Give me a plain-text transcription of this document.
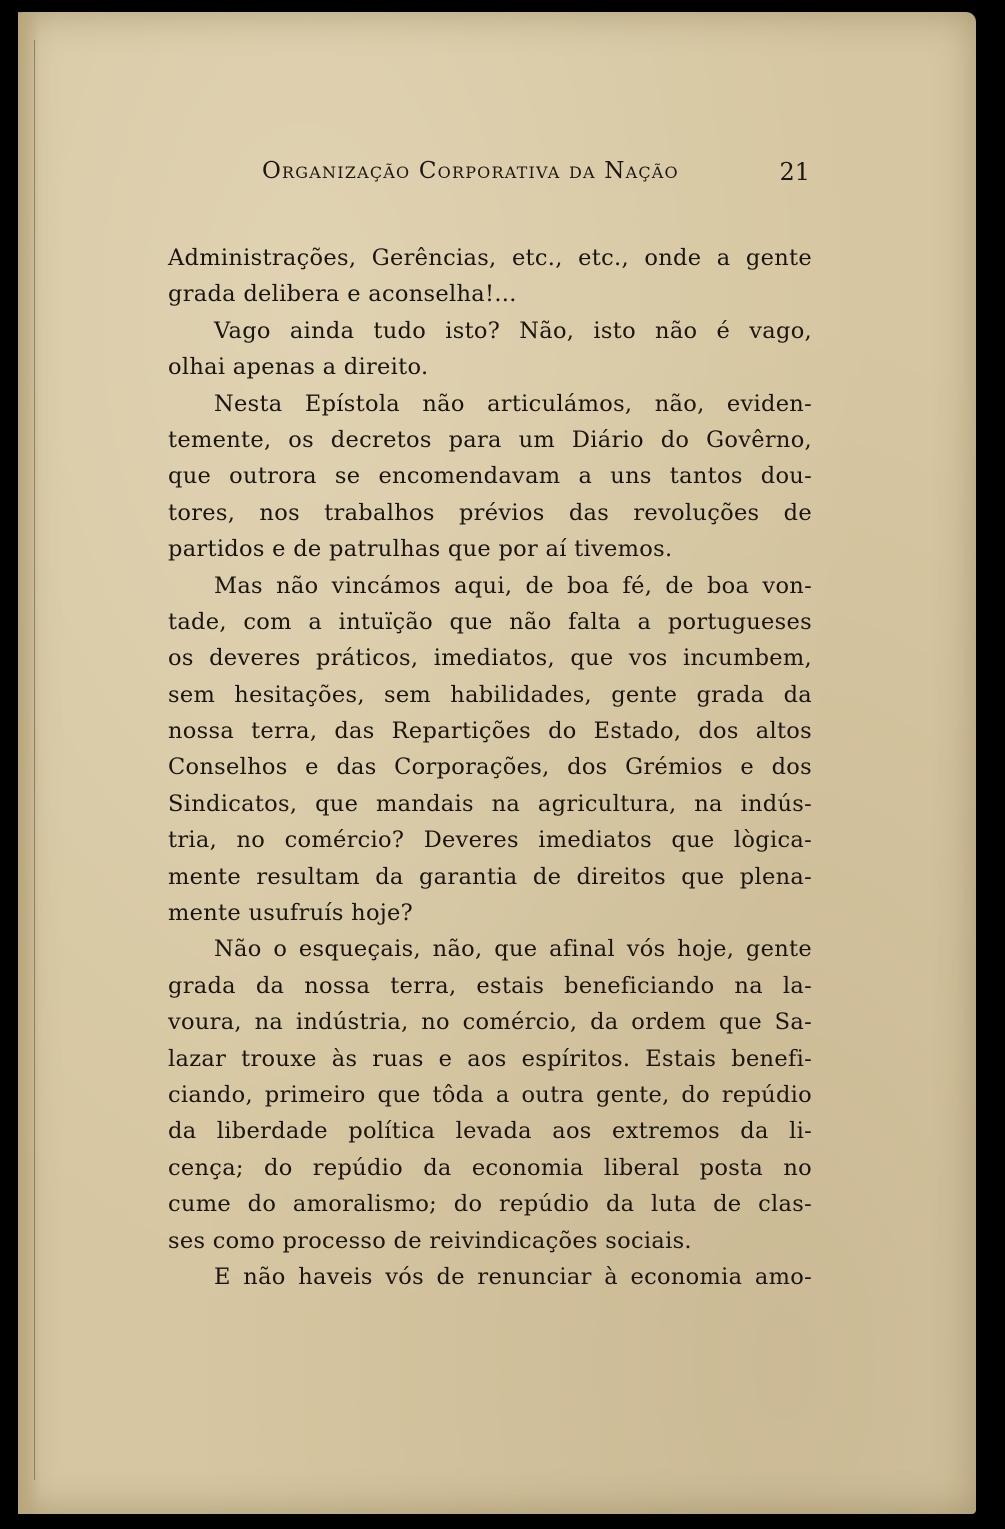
Organização Corporativa da Nação	21
Administrações, Gerências, etc., etc., onde a gente
grada delibera e aconselha!...
Vago ainda tudo isto? Não, isto não é vago,
olhai apenas a direito.
Nesta Epístola não articulámos, não, eviden-
temente, os decretos para um Diário do Govêrno,
que outrora se encomendavam a uns tantos dou-
tores, nos trabalhos prévios das revoluções de
partidos e de patrulhas que por aí tivemos.
Mas não vincámos aqui, de boa fé, de boa von-
tade, com a intuïção que não falta a portugueses
os deveres práticos, imediatos, que vos incumbem,
sem hesitações, sem habilidades, gente grada da
nossa terra, das Repartições do Estado, dos altos
Conselhos e das Corporações, dos Grémios e dos
Sindicatos, que mandais na agricultura, na indús-
tria, no comércio? Deveres imediatos que lògica-
mente resultam da garantia de direitos que plena-
mente usufruís hoje?
Não o esqueçais, não, que afinal vós hoje, gente
grada da nossa terra, estais beneficiando na la-
voura, na indústria, no comércio, da ordem que Sa-
lazar trouxe às ruas e aos espíritos. Estais benefi-
ciando, primeiro que tôda a outra gente, do repúdio
da liberdade política levada aos extremos da li-
cença; do repúdio da economia liberal posta no
cume do amoralismo; do repúdio da luta de clas-
ses como processo de reivindicações sociais.
E não haveis vós de renunciar à economia amo-
